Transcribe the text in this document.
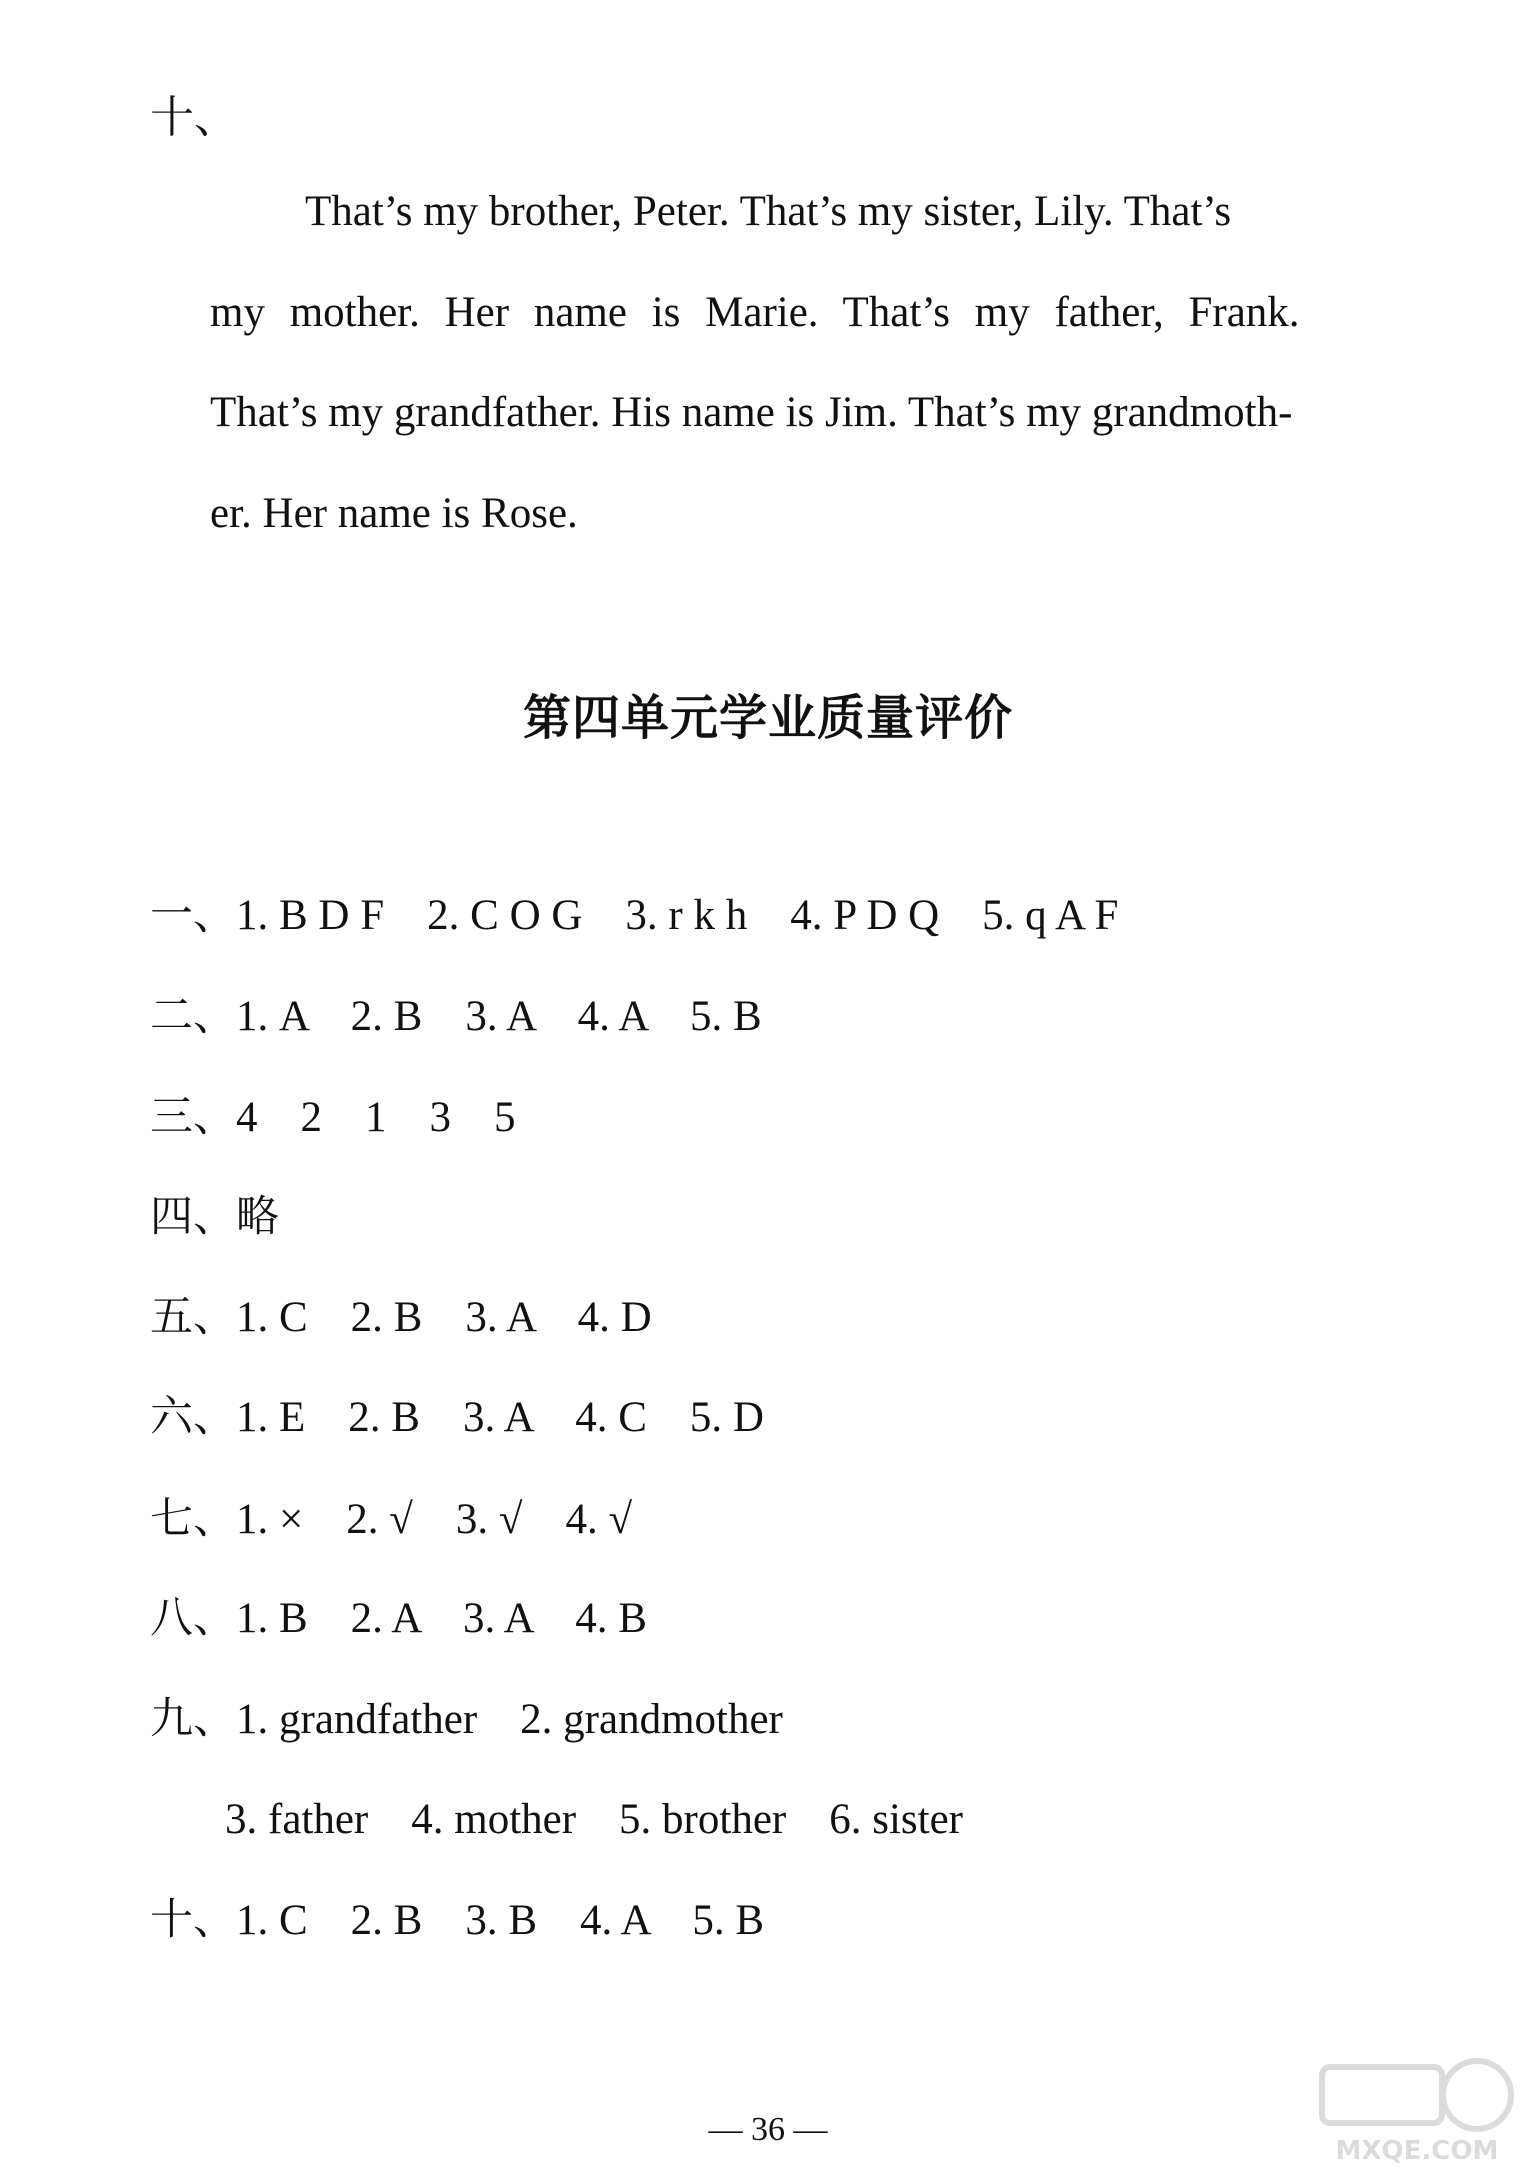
十、
That’s my brother, Peter. That’s my sister, Lily. That’s
my mother. Her name is Marie. That’s my father, Frank.
That’s my grandfather. His name is Jim. That’s my grandmoth-
er. Her name is Rose.
第四单元学业质量评价
一、1. B D F    2. C O G    3. r k h    4. P D Q    5. q A F
二、1. A    2. B    3. A    4. A    5. B
三、4    2    1    3    5
四、略
五、1. C    2. B    3. A    4. D
六、1. E    2. B    3. A    4. C    5. D
七、1. ×    2. √    3. √    4. √
八、1. B    2. A    3. A    4. B
九、1. grandfather    2. grandmother
3. father    4. mother    5. brother    6. sister
十、1. C    2. B    3. B    4. A    5. B
— 36 —
MXQE.COM
